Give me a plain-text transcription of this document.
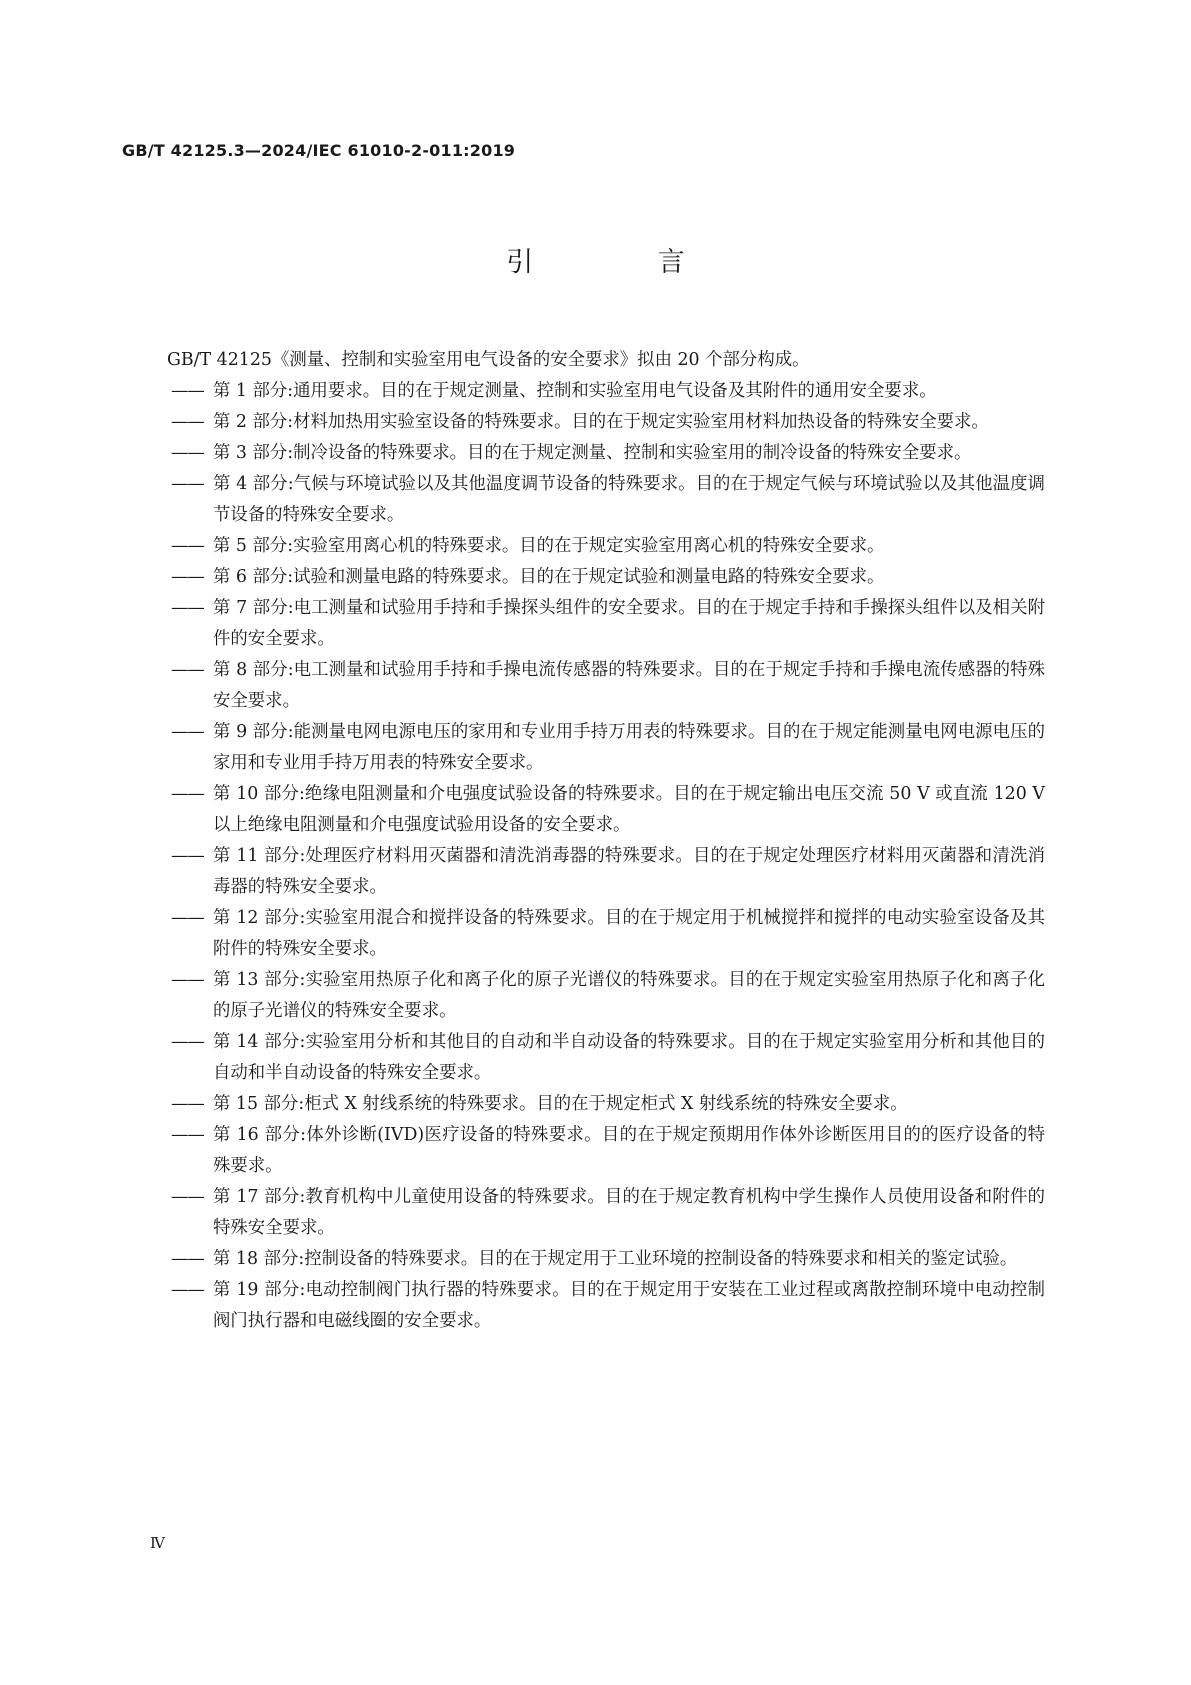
GB/T 42125.3—2024/IEC 61010-2-011:2019
引 言

GB/T 42125《测量、控制和实验室用电气设备的安全要求》拟由 20 个部分构成。

—— 第 1 部分:通用要求。目的在于规定测量、控制和实验室用电气设备及其附件的通用安全要求。
—— 第 2 部分:材料加热用实验室设备的特殊要求。目的在于规定实验室用材料加热设备的特殊安全要求。
—— 第 3 部分:制冷设备的特殊要求。目的在于规定测量、控制和实验室用的制冷设备的特殊安全要求。
—— 第 4 部分:气候与环境试验以及其他温度调节设备的特殊要求。目的在于规定气候与环境试验以及其他温度调节设备的特殊安全要求。
—— 第 5 部分:实验室用离心机的特殊要求。目的在于规定实验室用离心机的特殊安全要求。
—— 第 6 部分:试验和测量电路的特殊要求。目的在于规定试验和测量电路的特殊安全要求。
—— 第 7 部分:电工测量和试验用手持和手操探头组件的安全要求。目的在于规定手持和手操探头组件以及相关附件的安全要求。
—— 第 8 部分:电工测量和试验用手持和手操电流传感器的特殊要求。目的在于规定手持和手操电流传感器的特殊安全要求。
—— 第 9 部分:能测量电网电源电压的家用和专业用手持万用表的特殊要求。目的在于规定能测量电网电源电压的家用和专业用手持万用表的特殊安全要求。
—— 第 10 部分:绝缘电阻测量和介电强度试验设备的特殊要求。目的在于规定输出电压交流 50 V 或直流 120 V 以上绝缘电阻测量和介电强度试验用设备的安全要求。
—— 第 11 部分:处理医疗材料用灭菌器和清洗消毒器的特殊要求。目的在于规定处理医疗材料用灭菌器和清洗消毒器的特殊安全要求。
—— 第 12 部分:实验室用混合和搅拌设备的特殊要求。目的在于规定用于机械搅拌和搅拌的电动实验室设备及其附件的特殊安全要求。
—— 第 13 部分:实验室用热原子化和离子化的原子光谱仪的特殊要求。目的在于规定实验室用热原子化和离子化的原子光谱仪的特殊安全要求。
—— 第 14 部分:实验室用分析和其他目的自动和半自动设备的特殊要求。目的在于规定实验室用分析和其他目的自动和半自动设备的特殊安全要求。
—— 第 15 部分:柜式 X 射线系统的特殊要求。目的在于规定柜式 X 射线系统的特殊安全要求。
—— 第 16 部分:体外诊断(IVD)医疗设备的特殊要求。目的在于规定预期用作体外诊断医用目的的医疗设备的特殊要求。
—— 第 17 部分:教育机构中儿童使用设备的特殊要求。目的在于规定教育机构中学生操作人员使用设备和附件的特殊安全要求。
—— 第 18 部分:控制设备的特殊要求。目的在于规定用于工业环境的控制设备的特殊要求和相关的鉴定试验。
—— 第 19 部分:电动控制阀门执行器的特殊要求。目的在于规定用于安装在工业过程或离散控制环境中电动控制阀门执行器和电磁线圈的安全要求。
Ⅳ
